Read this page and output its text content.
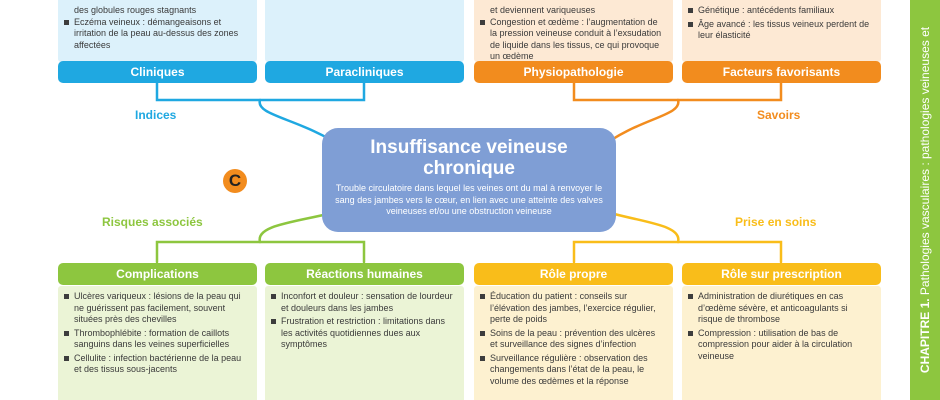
des globules rouges stagnants
Eczéma veineux : démangeaisons et irritation de la peau au-dessus des zones affectées
et deviennent variqueuses
Congestion et œdème : l’augmentation de la pression veineuse conduit à l’exsudation de liquide dans les tissus, ce qui provoque un œdème
Génétique : antécédents familiaux
Âge avancé : les tissus veineux perdent de leur élasticité
Cliniques	Paracliniques	Physiopathologie	Facteurs favorisants
Indices	Savoirs
Risques associés	Prise en soins
Insuffisance veineuse chronique
Trouble circulatoire dans lequel les veines ont du mal à renvoyer le sang des jambes vers le cœur, en lien avec une atteinte des valves veineuses et/ou une obstruction veineuse
C
Complications	Réactions humaines	Rôle propre	Rôle sur prescription
Ulcères variqueux : lésions de la peau qui ne guérissent pas facilement, souvent situées près des chevilles
Thrombophlébite : formation de caillots sanguins dans les veines superficielles
Cellulite : infection bactérienne de la peau et des tissus sous-jacents
Inconfort et douleur : sensation de lourdeur et douleurs dans les jambes
Frustration et restriction : limitations dans les activités quotidiennes dues aux symptômes
Éducation du patient : conseils sur l’élévation des jambes, l’exercice régulier, perte de poids
Soins de la peau : prévention des ulcères et surveillance des signes d’infection
Surveillance régulière : observation des changements dans l’état de la peau, le volume des œdèmes et la réponse
Administration de diurétiques en cas d’œdème sévère, et anticoagulants si risque de thrombose
Compression : utilisation de bas de compression pour aider à la circulation veineuse	CHAPITRE 1. Pathologies vasculaires : pathologies veineuses et
